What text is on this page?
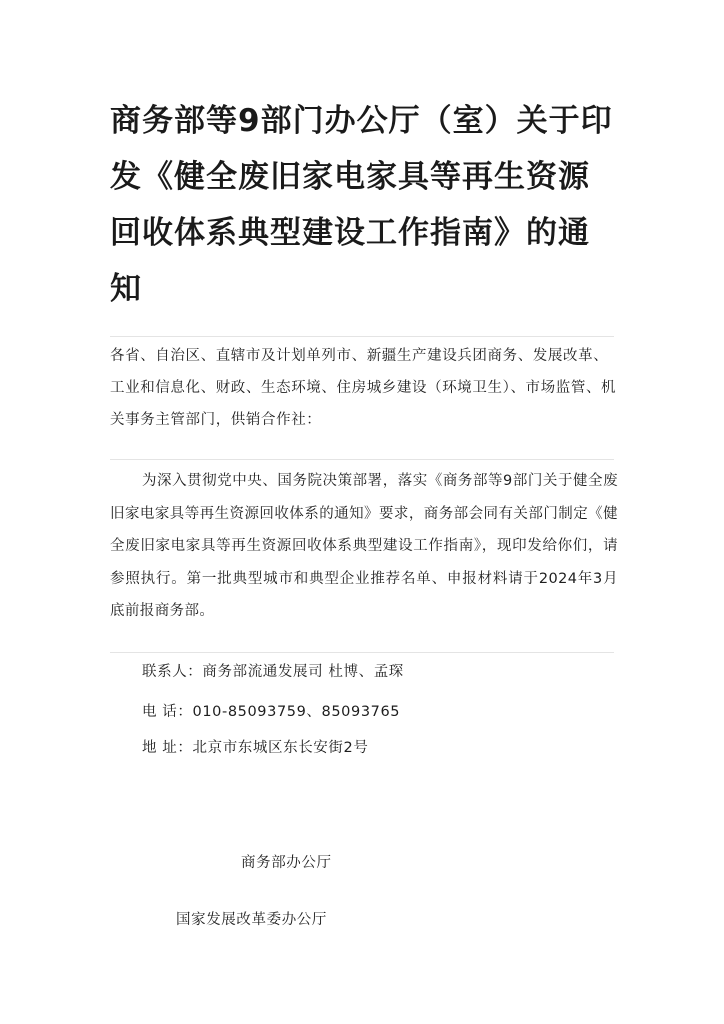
商务部等9部门办公厅（室）关于印发《健全废旧家电家具等再生资源回收体系典型建设工作指南》的通知
各省、自治区、直辖市及计划单列市、新疆生产建设兵团商务、发展改革、工业和信息化、财政、生态环境、住房城乡建设（环境卫生）、市场监管、机关事务主管部门，供销合作社：
为深入贯彻党中央、国务院决策部署，落实《商务部等9部门关于健全废旧家电家具等再生资源回收体系的通知》要求，商务部会同有关部门制定《健全废旧家电家具等再生资源回收体系典型建设工作指南》，现印发给你们，请参照执行。第一批典型城市和典型企业推荐名单、申报材料请于2024年3月底前报商务部。
联系人：商务部流通发展司 杜博、孟琛
电 话：010-85093759、85093765
地 址：北京市东城区东长安街2号
商务部办公厅
国家发展改革委办公厅
